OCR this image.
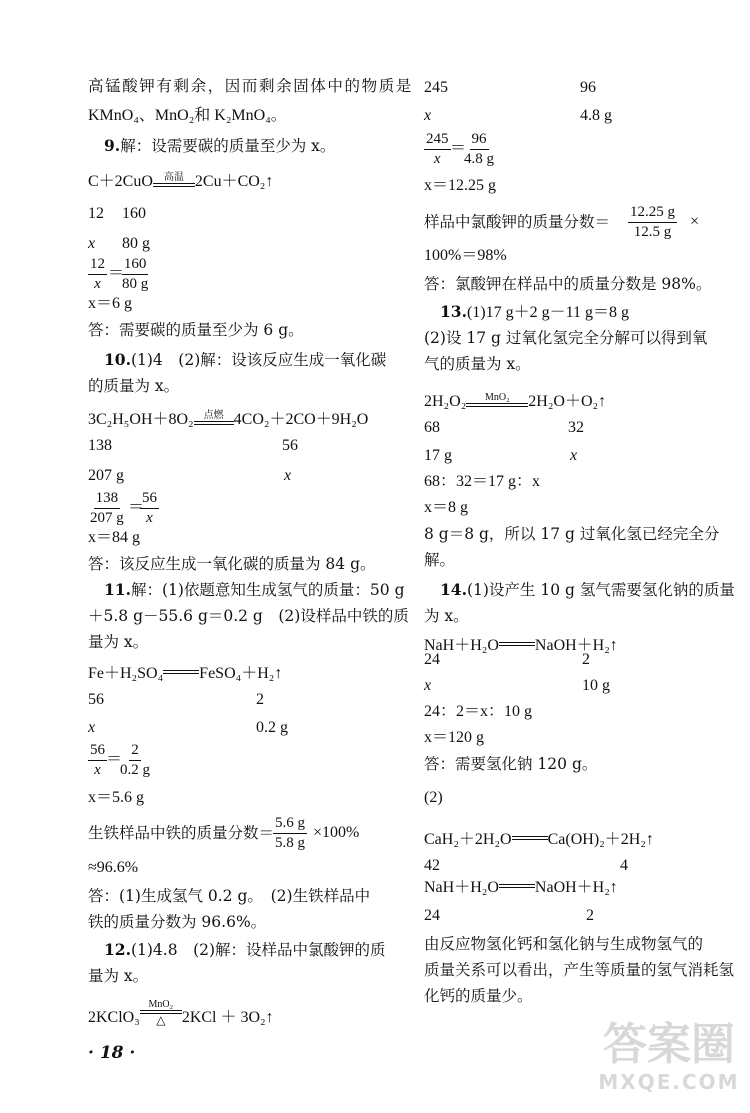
高锰酸钾有剩余，因而剩余固体中的物质是
KMnO₄、MnO₂和 K₂MnO₄。
9.解：设需要碳的质量至少为 x。
C＋2CuO	高温 2Cu＋CO₂↑
12 160
x 80 g
$\frac{12}{x}$ ＝
$\frac{160}{80 g}$
x＝6 g
答：需要碳的质量至少为 6 g。
10.(1)4　(2)解：设该反应生成一氧化碳
的质量为 x。
3C₂H₅OH＋8O₂	点燃 4CO₂＋2CO＋9H₂O
138	56
207 g	x
$\frac{138}{207 g}$ ＝
$\frac{56}{x}$
x＝84 g
答：该反应生成一氧化碳的质量为 84 g。
11.解：(1)依题意知生成氢气的质量：50 g
＋5.8 g－55.6 g＝0.2 g　(2)设样品中铁的质
量为 x。
Fe＋H₂SO₄ FeSO₄＋H₂↑
56	2
x	0.2 g
$\frac{56}{x}$ ＝
$\frac{2}{0.2 g}$
x＝5.6 g
生铁样品中铁的质量分数＝
$\frac{5.6 g}{5.8 g} \times 100\%$
≈96.6%
答：(1)生成氢气 0.2 g。　(2)生铁样品中
铁的质量分数为 96.6%。
12.(1)4.8　(2)解：设样品中氯酸钾的质
量为 x。
2KClO₃
MnO₂
△	2KCl ＋ 3O₂↑
· 18 ·
245	96
x	4.8 g
$\frac{245}{x}$ ＝
$\frac{96}{4.8 g}$
x＝12.25 g
样品中氯酸钾的质量分数＝ $\frac{12.25 g}{12.5 g}$ ×
100%＝98%
答：氯酸钾在样品中的质量分数是 98%。
13.(1)17 g＋2 g－11 g＝8 g
(2)设 17 g 过氧化氢完全分解可以得到氧
气的质量为 x。
2H₂O₂	MnO₂	2H₂O＋O₂↑
68	32
17 g	x
68：32＝17 g：x
x＝8 g
8 g＝8 g，所以 17 g 过氧化氢已经完全分
解。
14.(1)设产生 10 g 氢气需要氢化钠的质量
为 x。
NaH＋H₂O NaOH＋H₂↑
24	2
x	10 g
24：2＝x：10 g
x＝120 g
答：需要氢化钠 120 g。
(2)
CaH₂＋2H₂O Ca(OH)₂＋2H₂↑
42	4
NaH＋H₂O NaOH＋H₂↑
24	2
由反应物氢化钙和氢化钠与生成物氢气的
质量关系可以看出，产生等质量的氢气消耗氢
化钙的质量少。
答案圈
MXQE.COM
